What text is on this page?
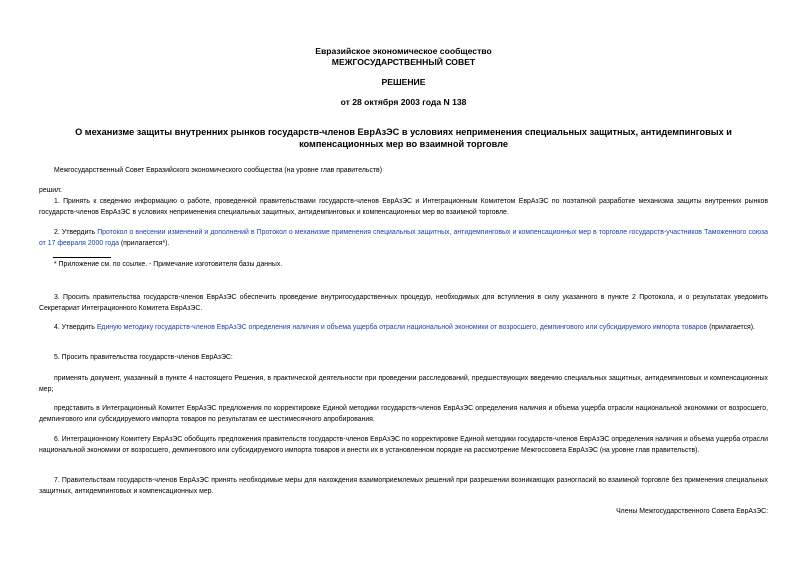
Евразийское экономическое сообщество
МЕЖГОСУДАРСТВЕННЫЙ СОВЕТ
РЕШЕНИЕ
от 28 октября 2003 года N 138
О механизме защиты внутренних рынков государств-членов ЕврАзЭС в условиях неприменения специальных защитных, антидемпинговых и компенсационных мер во взаимной торговле
Межгосударственный Совет Евразийского экономического сообщества (на уровне глав правительств)
решил:
1. Принять к сведению информацию о работе, проведенной правительствами государств-членов ЕврАзЭС и Интеграционным Комитетом ЕврАзЭС по поэтапной разработке механизма защиты внутренних рынков государств-членов ЕврАзЭС в условиях неприменения специальных защитных, антидемпинговых и компенсационных мер во взаимной торговле.
2. Утвердить Протокол о внесении изменений и дополнений в Протокол о механизме применения специальных защитных, антидемпинговых и компенсационных мер в торговле государств-участников Таможенного союза от 17 февраля 2000 года (прилагается*).
* Приложение см. по ссылке. - Примечание изготовителя базы данных.
3. Просить правительства государств-членов ЕврАзЭС обеспечить проведение внутригосударственных процедур, необходимых для вступления в силу указанного в пункте 2 Протокола, и о результатах уведомить Секретариат Интеграционного Комитета ЕврАзЭС.
4. Утвердить Единую методику государств-членов ЕврАзЭС определения наличия и объема ущерба отрасли национальной экономики от возросшего, демпингового или субсидируемого импорта товаров (прилагается).
5. Просить правительства государств-членов ЕврАзЭС:
применять документ, указанный в пункте 4 настоящего Решения, в практической деятельности при проведении расследований, предшествующих введению специальных защитных, антидемпинговых и компенсационных мер;
представить в Интеграционный Комитет ЕврАзЭС предложения по корректировке Единой методики государств-членов ЕврАзЭС определения наличия и объема ущерба отрасли национальной экономики от возросшего, демпингового или субсидируемого импорта товаров по результатам ее шестимесячного апробирования.
6. Интеграционному Комитету ЕврАзЭС обобщить предложения правительств государств-членов ЕврАзЭС по корректировке Единой методики государств-членов ЕврАзЭС определения наличия и объема ущерба отрасли национальной экономики от возросшего, демпингового или субсидируемого импорта товаров и внести их в установленном порядке на рассмотрение Межгоссовета ЕврАзЭС (на уровне глав правительств).
7. Правительствам государств-членов ЕврАзЭС принять необходимые меры для нахождения взаимоприемлемых решений при разрешении возникающих разногласий во взаимной торговле без применения специальных защитных, антидемпинговых и компенсационных мер.
Члены Межгосударственного Совета ЕврАзЭС:
